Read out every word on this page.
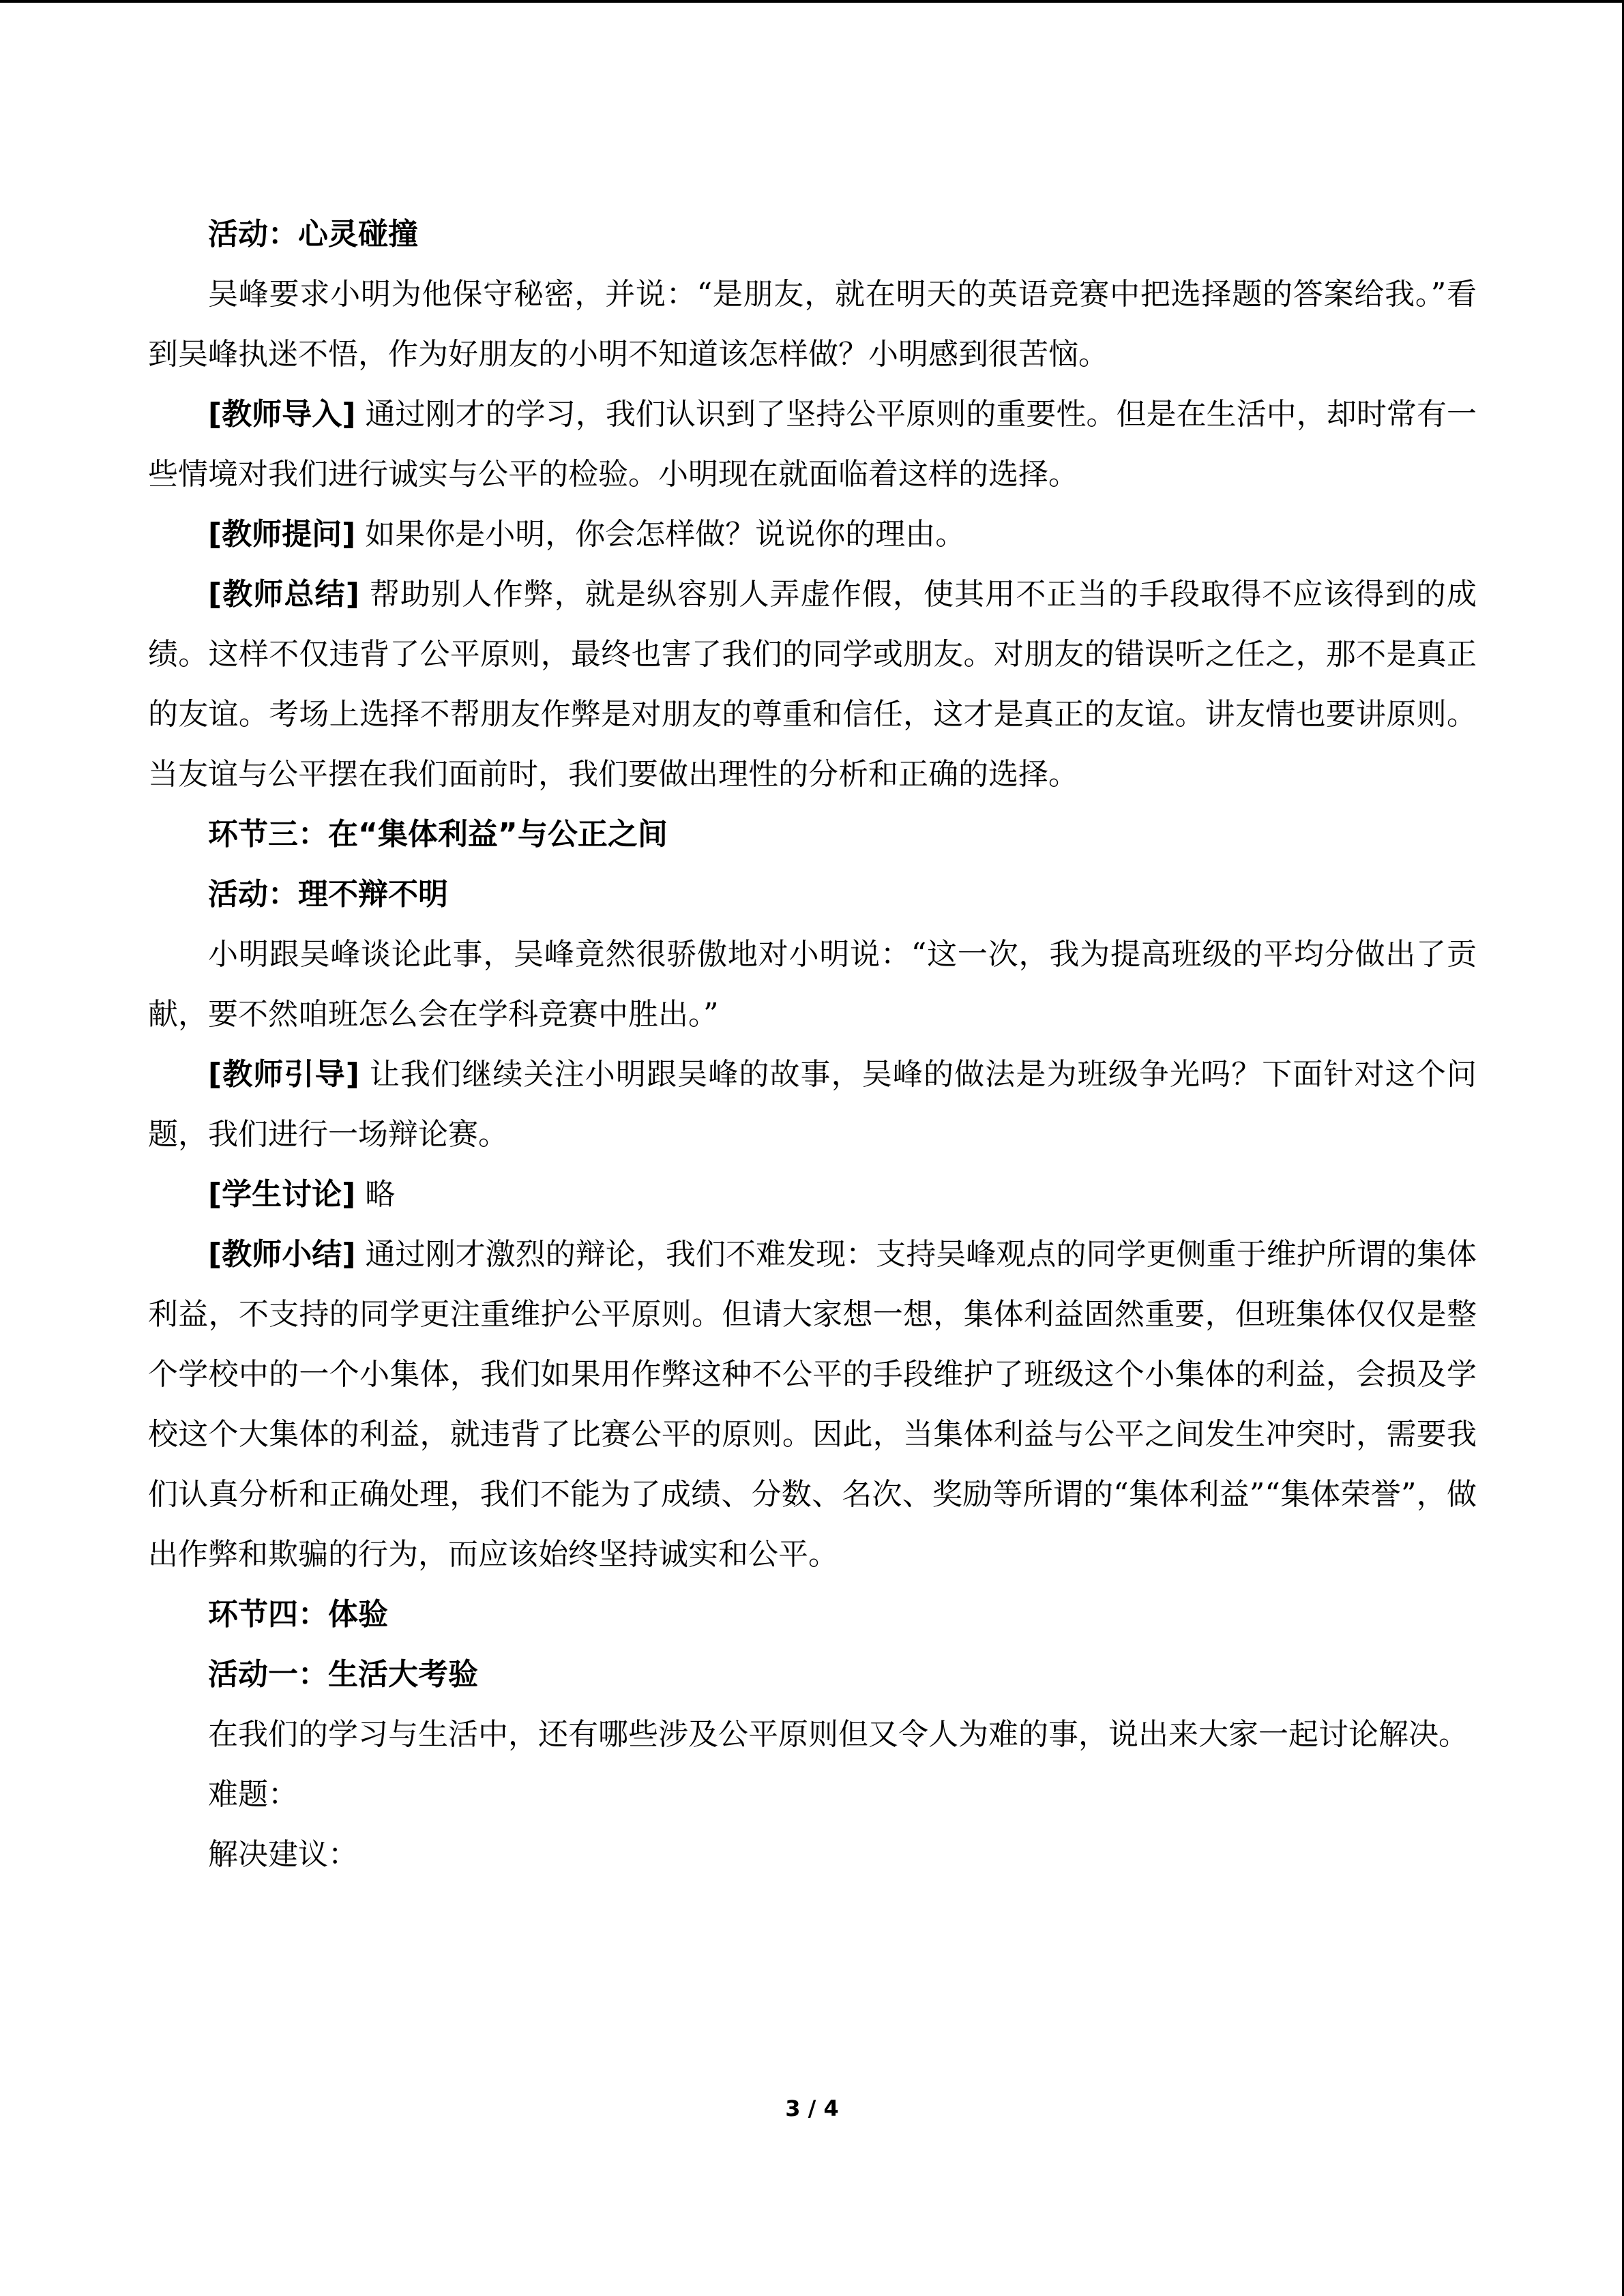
活动：心灵碰撞

吴峰要求小明为他保守秘密，并说：“是朋友，就在明天的英语竞赛中把选择题的答案给我。”看到吴峰执迷不悟，作为好朋友的小明不知道该怎样做？小明感到很苦恼。

[教师导入] 通过刚才的学习，我们认识到了坚持公平原则的重要性。但是在生活中，却时常有一些情境对我们进行诚实与公平的检验。小明现在就面临着这样的选择。

[教师提问] 如果你是小明，你会怎样做？说说你的理由。

[教师总结] 帮助别人作弊，就是纵容别人弄虚作假，使其用不正当的手段取得不应该得到的成绩。这样不仅违背了公平原则，最终也害了我们的同学或朋友。对朋友的错误听之任之，那不是真正的友谊。考场上选择不帮朋友作弊是对朋友的尊重和信任，这才是真正的友谊。讲友情也要讲原则。当友谊与公平摆在我们面前时，我们要做出理性的分析和正确的选择。

环节三：在“集体利益”与公正之间

活动：理不辩不明

小明跟吴峰谈论此事，吴峰竟然很骄傲地对小明说：“这一次，我为提高班级的平均分做出了贡献，要不然咱班怎么会在学科竞赛中胜出。”

[教师引导] 让我们继续关注小明跟吴峰的故事，吴峰的做法是为班级争光吗？下面针对这个问题，我们进行一场辩论赛。

[学生讨论] 略

[教师小结] 通过刚才激烈的辩论，我们不难发现：支持吴峰观点的同学更侧重于维护所谓的集体利益，不支持的同学更注重维护公平原则。但请大家想一想，集体利益固然重要，但班集体仅仅是整个学校中的一个小集体，我们如果用作弊这种不公平的手段维护了班级这个小集体的利益，会损及学校这个大集体的利益，就违背了比赛公平的原则。因此，当集体利益与公平之间发生冲突时，需要我们认真分析和正确处理，我们不能为了成绩、分数、名次、奖励等所谓的“集体利益”“集体荣誉”，做出作弊和欺骗的行为，而应该始终坚持诚实和公平。

环节四：体验

活动一：生活大考验

在我们的学习与生活中，还有哪些涉及公平原则但又令人为难的事，说出来大家一起讨论解决。

难题：

解决建议：

3 / 4
